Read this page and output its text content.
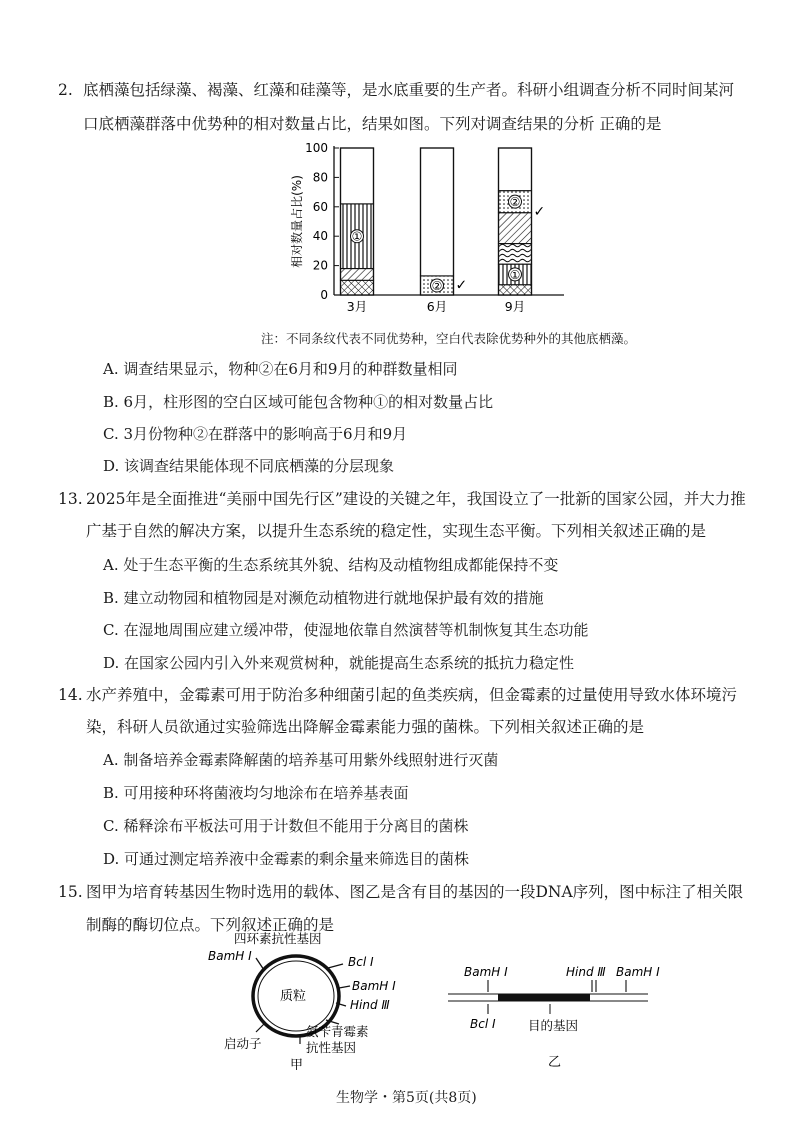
2. 底栖藻包括绿藻、褐藻、红藻和硅藻等，是水底重要的生产者。科研小组调查分析不同时间某河
口底栖藻群落中优势种的相对数量占比，结果如图。下列对调查结果的分析 正确的是
0
20
40
60
80
100
相对数量占比(%)	①
3月
②
6月
①
②
9月
✓
✓
注：不同条纹代表不同优势种，空白代表除优势种外的其他底栖藻。
A. 调查结果显示，物种②在6月和9月的种群数量相同
B. 6月，柱形图的空白区域可能包含物种①的相对数量占比
C. 3月份物种②在群落中的影响高于6月和9月
D. 该调查结果能体现不同底栖藻的分层现象
13. 2025年是全面推进“美丽中国先行区”建设的关键之年，我国设立了一批新的国家公园，并大力推
广基于自然的解决方案，以提升生态系统的稳定性，实现生态平衡。下列相关叙述正确的是
A. 处于生态平衡的生态系统其外貌、结构及动植物组成都能保持不变
B. 建立动物园和植物园是对濒危动植物进行就地保护最有效的措施
C. 在湿地周围应建立缓冲带，使湿地依靠自然演替等机制恢复其生态功能
D. 在国家公园内引入外来观赏树种，就能提高生态系统的抵抗力稳定性
14. 水产养殖中，金霉素可用于防治多种细菌引起的鱼类疾病，但金霉素的过量使用导致水体环境污
染，科研人员欲通过实验筛选出降解金霉素能力强的菌株。下列相关叙述正确的是
A. 制备培养金霉素降解菌的培养基可用紫外线照射进行灭菌
B. 可用接种环将菌液均匀地涂布在培养基表面
C. 稀释涂布平板法可用于计数但不能用于分离目的菌株
D. 可通过测定培养液中金霉素的剩余量来筛选目的菌株
15. 图甲为培育转基因生物时选用的载体、图乙是含有目的基因的一段DNA序列，图中标注了相关限
制酶的酶切位点。下列叙述正确的是
四环素抗性基因
BamH Ⅰ
质粒
Bcl Ⅰ
BamH Ⅰ
Hind Ⅲ
启动子
氨苄青霉素
抗性基因
甲
BamH Ⅰ	Hind Ⅲ BamH Ⅰ
Bcl Ⅰ	目的基因
乙
生物学・第5页(共8页)
